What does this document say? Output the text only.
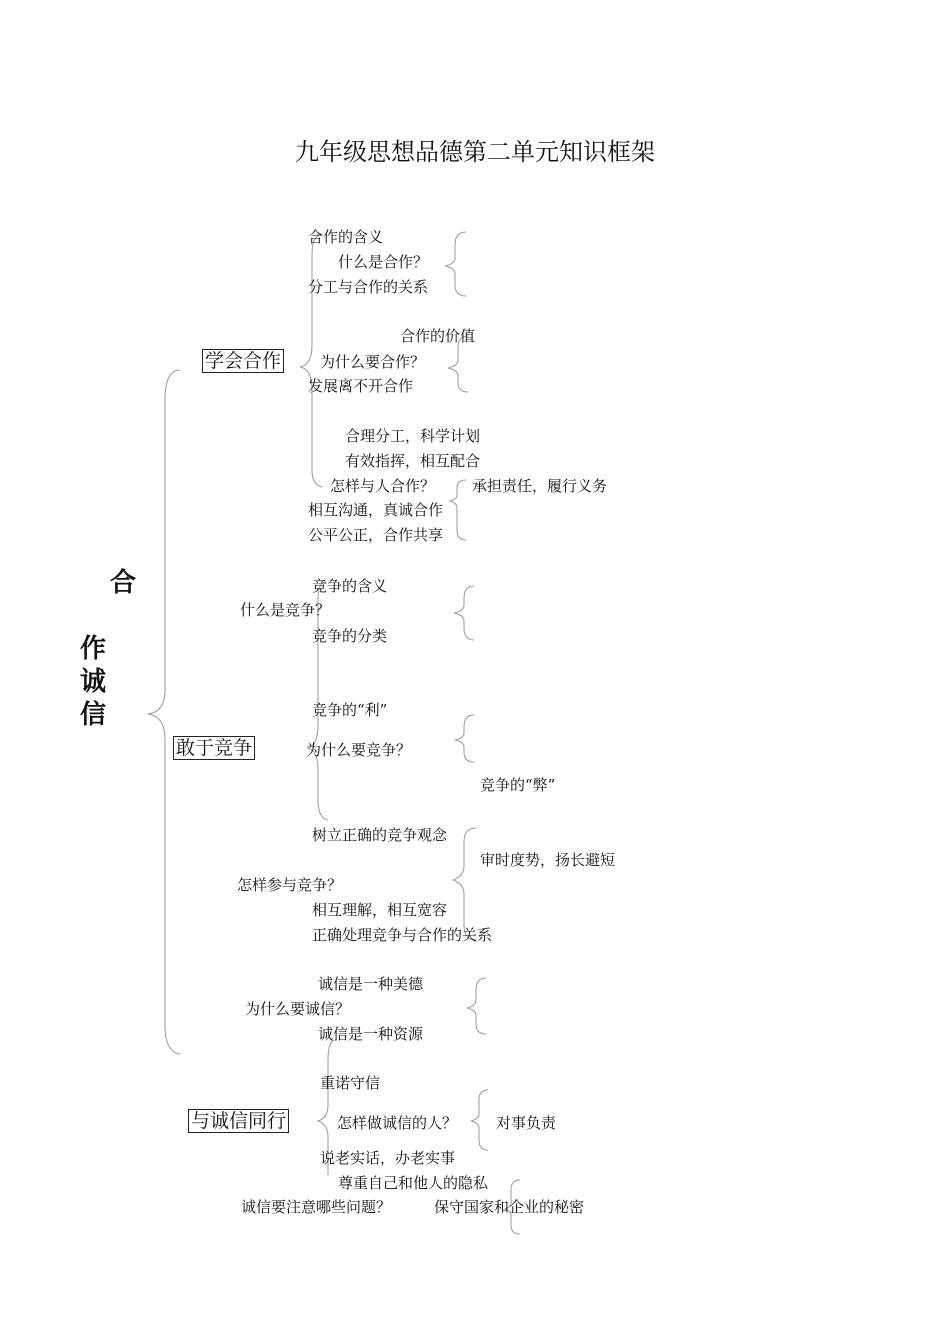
九年级思想品德第二单元知识框架
合
作
诚
信
学会合作
合作的含义
什么是合作？
分工与合作的关系
合作的价值
为什么要合作？
发展离不开合作
合理分工，科学计划
有效指挥，相互配合
怎样与人合作？ 承担责任，履行义务
相互沟通，真诚合作
公平公正，合作共享
敢于竞争
竞争的含义
什么是竞争？
竞争的分类
竞争的“利”
为什么要竞争？
竞争的“弊”
树立正确的竞争观念
审时度势，扬长避短
怎样参与竞争？
相互理解，相互宽容
正确处理竞争与合作的关系
与诚信同行
诚信是一种美德
为什么要诚信？
诚信是一种资源
重诺守信
怎样做诚信的人？	对事负责
说老实话，办老实事
尊重自己和他人的隐私
诚信要注意哪些问题？	保守国家和企业的秘密
